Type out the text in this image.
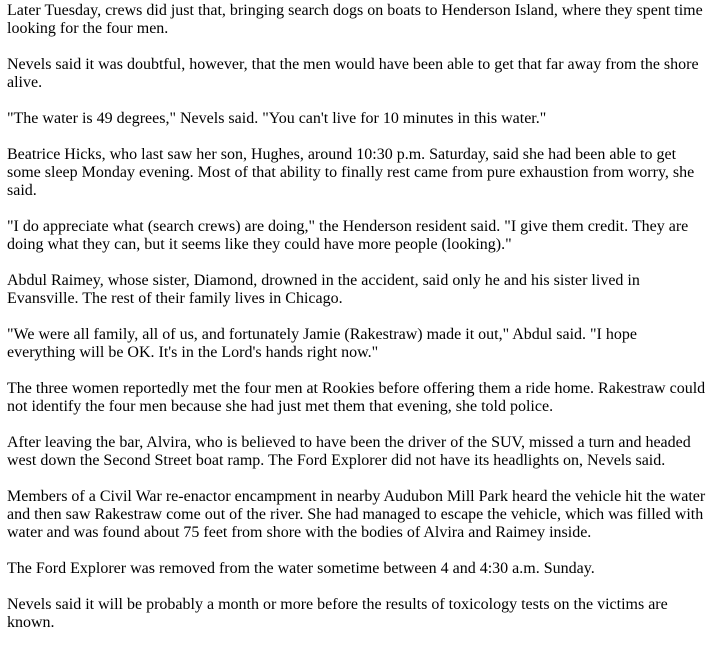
Later Tuesday, crews did just that, bringing search dogs on boats to Henderson Island, where they spent time looking for the four men.

Nevels said it was doubtful, however, that the men would have been able to get that far away from the shore alive.

"The water is 49 degrees," Nevels said. "You can't live for 10 minutes in this water."

Beatrice Hicks, who last saw her son, Hughes, around 10:30 p.m. Saturday, said she had been able to get some sleep Monday evening. Most of that ability to finally rest came from pure exhaustion from worry, she said.

"I do appreciate what (search crews) are doing," the Henderson resident said. "I give them credit. They are doing what they can, but it seems like they could have more people (looking)."

Abdul Raimey, whose sister, Diamond, drowned in the accident, said only he and his sister lived in Evansville. The rest of their family lives in Chicago.

"We were all family, all of us, and fortunately Jamie (Rakestraw) made it out," Abdul said. "I hope everything will be OK. It's in the Lord's hands right now."

The three women reportedly met the four men at Rookies before offering them a ride home. Rakestraw could not identify the four men because she had just met them that evening, she told police.

After leaving the bar, Alvira, who is believed to have been the driver of the SUV, missed a turn and headed west down the Second Street boat ramp. The Ford Explorer did not have its headlights on, Nevels said.

Members of a Civil War re-enactor encampment in nearby Audubon Mill Park heard the vehicle hit the water and then saw Rakestraw come out of the river. She had managed to escape the vehicle, which was filled with water and was found about 75 feet from shore with the bodies of Alvira and Raimey inside.

The Ford Explorer was removed from the water sometime between 4 and 4:30 a.m. Sunday.

Nevels said it will be probably a month or more before the results of toxicology tests on the victims are known.
